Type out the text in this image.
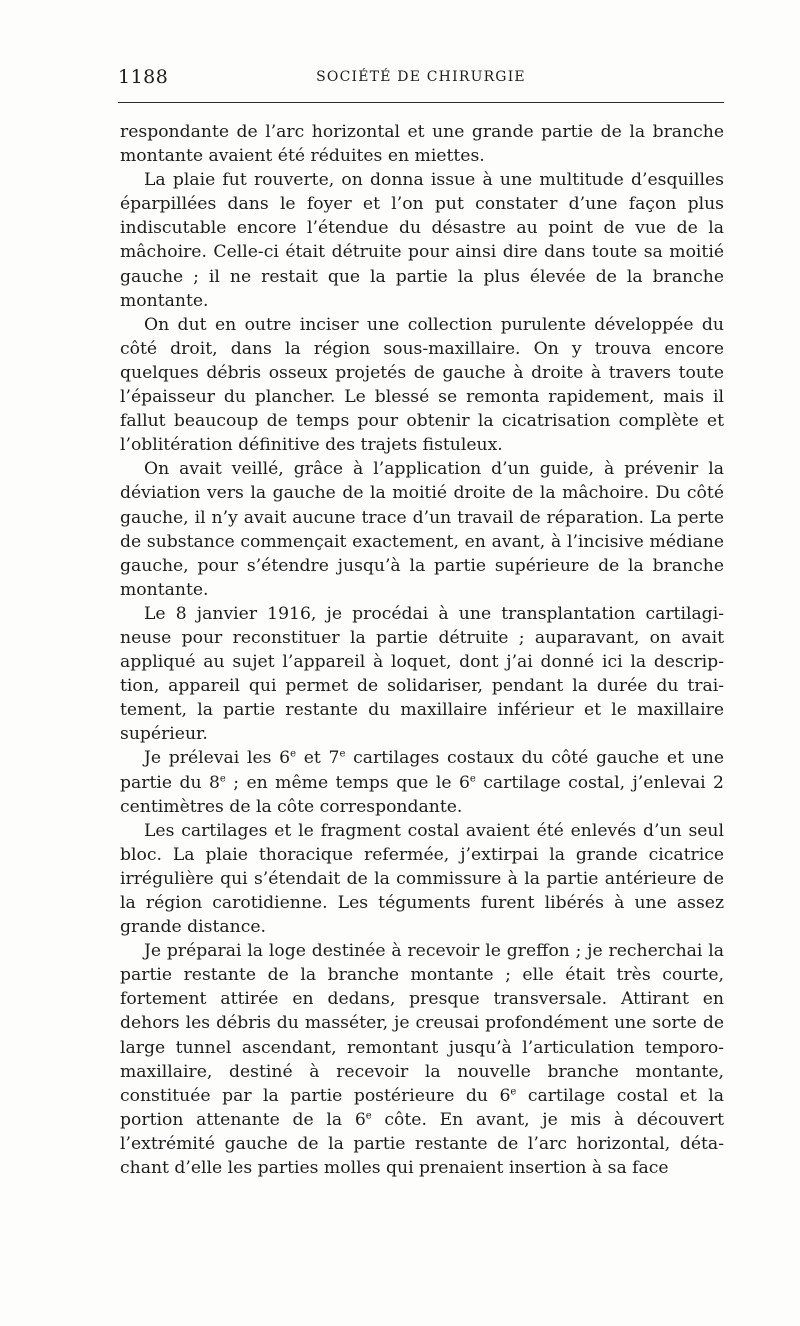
1188	SOCIÉTÉ DE CHIRURGIE

respondante de l’arc horizontal et une grande partie de la branche montante avaient été réduites en miettes.

La plaie fut rouverte, on donna issue à une multitude d’esquilles éparpillées dans le foyer et l’on put constater d’une façon plus indiscutable encore l’étendue du désastre au point de vue de la mâchoire. Celle-ci était détruite pour ainsi dire dans toute sa moitié gauche ; il ne restait que la partie la plus élevée de la branche montante.

On dut en outre inciser une collection purulente développée du côté droit, dans la région sous-maxillaire. On y trouva encore quelques débris osseux projetés de gauche à droite à travers toute l’épaisseur du plancher. Le blessé se remonta rapidement, mais il fallut beaucoup de temps pour obtenir la cicatrisation complète et l’oblitération définitive des trajets fistuleux.

On avait veillé, grâce à l’application d’un guide, à prévenir la déviation vers la gauche de la moitié droite de la mâchoire. Du côté gauche, il n’y avait aucune trace d’un travail de réparation. La perte de substance commençait exactement, en avant, à l’incisive médiane gauche, pour s’étendre jusqu’à la partie supérieure de la branche montante.

Le 8 janvier 1916, je procédai à une transplantation cartilagineuse pour reconstituer la partie détruite ; auparavant, on avait appliqué au sujet l’appareil à loquet, dont j’ai donné ici la description, appareil qui permet de solidariser, pendant la durée du traitement, la partie restante du maxillaire inférieur et le maxillaire supérieur.

Je prélevai les 6e et 7e cartilages costaux du côté gauche et une partie du 8e ; en même temps que le 6e cartilage costal, j’enlevai 2 centimètres de la côte correspondante.

Les cartilages et le fragment costal avaient été enlevés d’un seul bloc. La plaie thoracique refermée, j’extirpai la grande cicatrice irrégulière qui s’étendait de la commissure à la partie antérieure de la région carotidienne. Les téguments furent libérés à une assez grande distance.

Je préparai la loge destinée à recevoir le greffon ; je recherchai la partie restante de la branche montante ; elle était très courte, fortement attirée en dedans, presque transversale. Attirant en dehors les débris du masséter, je creusai profondément une sorte de large tunnel ascendant, remontant jusqu’à l’articulation temporo-maxillaire, destiné à recevoir la nouvelle branche montante, constituée par la partie postérieure du 6e cartilage costal et la portion attenante de la 6e côte. En avant, je mis à découvert l’extrémité gauche de la partie restante de l’arc horizontal, détachant d’elle les parties molles qui prenaient insertion à sa face
